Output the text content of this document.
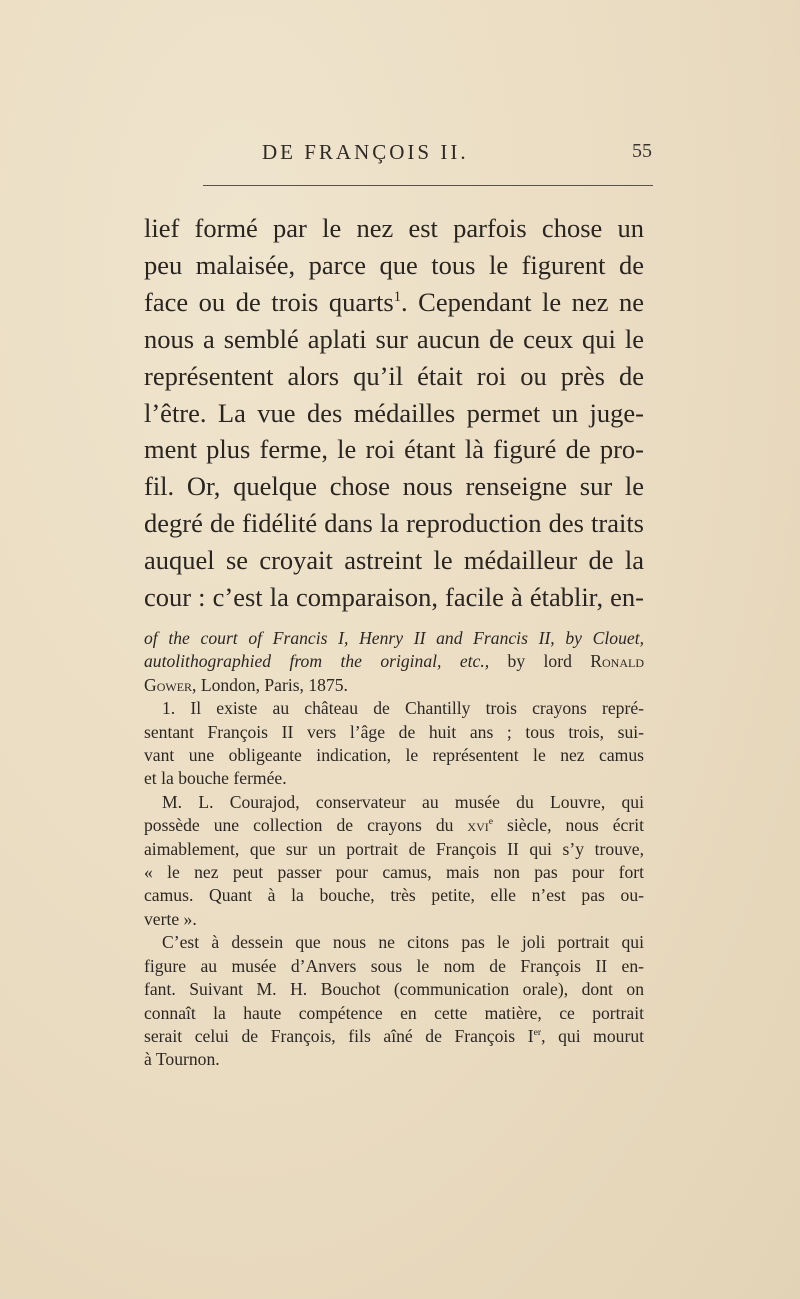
DE FRANÇOIS II.	55
lief formé par le nez est parfois chose un
peu malaisée, parce que tous le figurent de
face ou de trois quarts$^1$. Cependant le nez ne
nous a semblé aplati sur aucun de ceux qui le
représentent alors qu’il était roi ou près de
l’être. La vue des médailles permet un juge-
ment plus ferme, le roi étant là figuré de pro-
fil. Or, quelque chose nous renseigne sur le
degré de fidélité dans la reproduction des traits
auquel se croyait astreint le médailleur de la
cour : c’est la comparaison, facile à établir, en-
of the court of Francis I, Henry II and Francis II, by Clouet,
autolithographied from the original, etc., by lord Ronald
Gower, London, Paris, 1875.
1. Il existe au château de Chantilly trois crayons repré-
sentant François II vers l’âge de huit ans ; tous trois, sui-
vant une obligeante indication, le représentent le nez camus
et la bouche fermée.
M. L. Courajod, conservateur au musée du Louvre, qui
possède une collection de crayons du xvi$^e$ siècle, nous écrit
aimablement, que sur un portrait de François II qui s’y trouve,
« le nez peut passer pour camus, mais non pas pour fort
camus. Quant à la bouche, très petite, elle n’est pas ou-
verte ».
C’est à dessein que nous ne citons pas le joli portrait qui
figure au musée d’Anvers sous le nom de François II en-
fant. Suivant M. H. Bouchot (communication orale), dont on
connaît la haute compétence en cette matière, ce portrait
serait celui de François, fils aîné de François Ier, qui mourut
à Tournon.
